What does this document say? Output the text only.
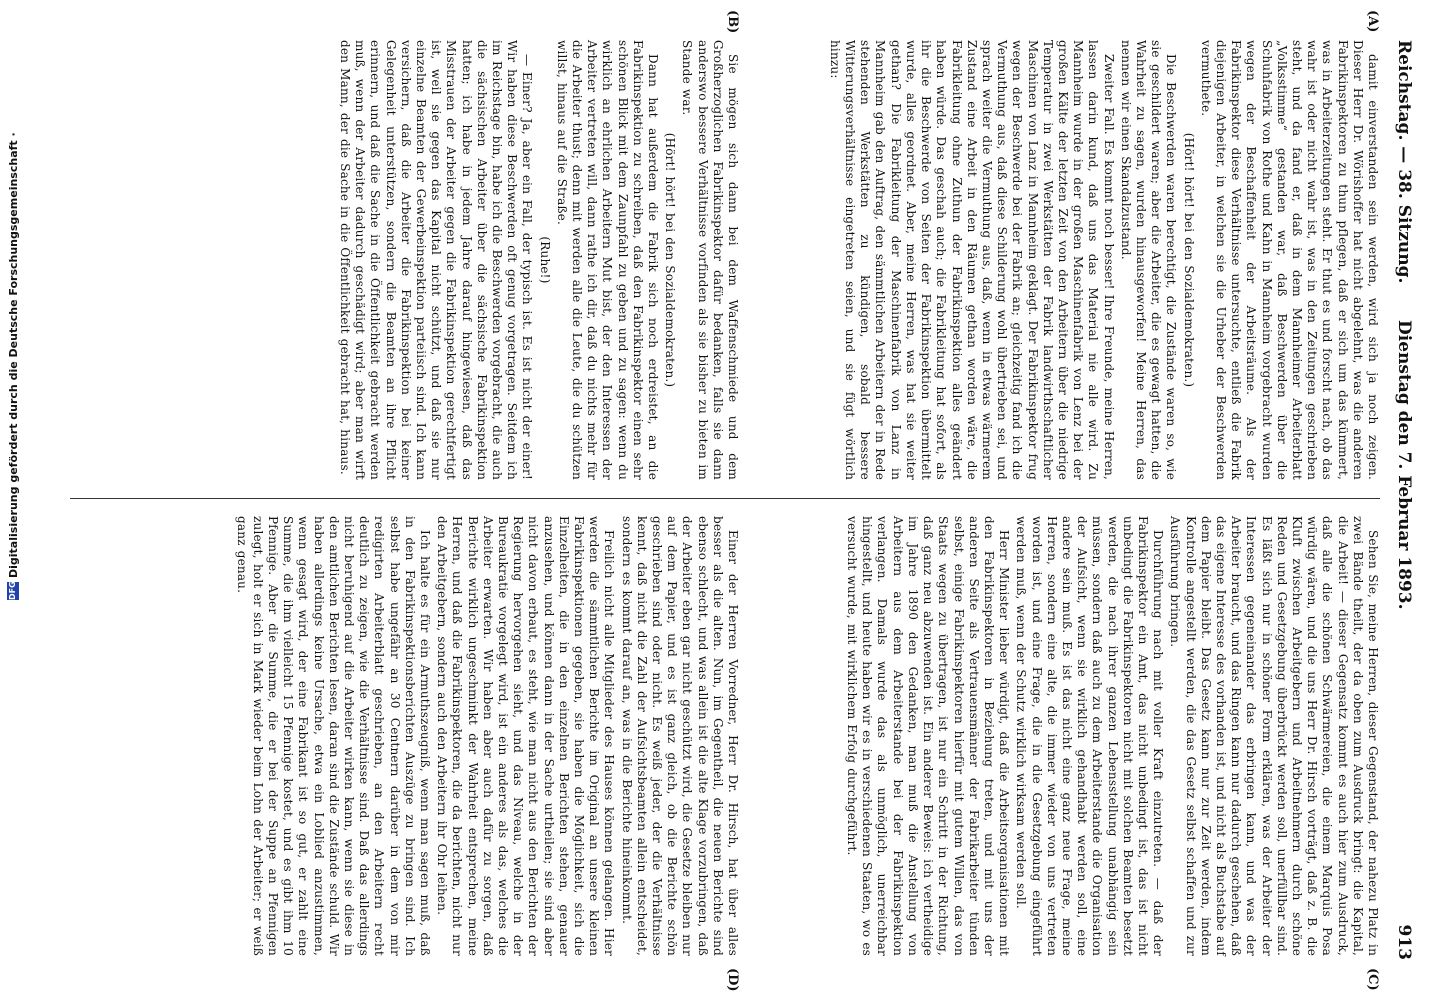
DFG
Digitalisierung gefördert durch die Deutsche Forschungsgemeinschaft ·	Reichstag. — 38. Sitzung.
Dienstag den 7. Februar 1893.
913
(A)
(B)
(C)
(D)

damit einverstanden sein werden, wird sich ja noch zeigen. Dieser Herr Dr. Wörishoffer hat nicht abgelehnt, was die anderen Fabrikinspektoren zu thun pflegen, daß er sich um das kümmert, was in Arbeiterzeitungen steht. Er thut es und forscht nach, ob das wahr ist oder nicht wahr ist, was in den Zeitungen geschrieben steht, und da fand er, daß in dem Mannheimer Arbeiterblatt „Volksstimme“ gestanden war, daß Beschwerden über die Schuhfabrik von Rothe und Kahn in Mannheim vorgebracht wurden wegen der Beschaffenheit der Arbeitsräume. Als der Fabrikinspektor diese Verhältnisse untersuchte, entließ die Fabrik diejenigen Arbeiter, in welchen sie die Urheber der Beschwerden vermuthete.

(Hört! hört! bei den Sozialdemokraten.)

Die Beschwerden waren berechtigt, die Zustände waren so, wie sie geschildert waren; aber die Arbeiter, die es gewagt hatten, die Wahrheit zu sagen, wurden hinausgeworfen! Meine Herren, das nennen wir einen Skandalzustand.

Zweiter Fall. Es kommt noch besser! Ihre Freunde, meine Herren, lassen darin kund, daß uns das Material nie alle wird. Zu Mannheim wurde in der großen Maschinenfabrik von Lenz bei der großen Kälte der letzten Zeit von den Arbeitern über die niedrige Temperatur in zwei Werkstätten der Fabrik landwirthschaftlicher Maschinen von Lanz in Mannheim geklagt. Der Fabrikinspektor frug wegen der Beschwerde bei der Fabrik an; gleichzeitig fand ich die Vermuthung aus, daß diese Schilderung wohl übertrieben sei, und sprach weiter die Vermuthung aus, daß, wenn in etwas wärmerem Zustand eine Arbeit in den Räumen gethan worden wäre, die Fabrikleitung ohne Zuthun der Fabrikinspektion alles geändert haben würde. Das geschah auch; die Fabrikleitung hat sofort, als ihr die Beschwerde von Seiten der Fabrikinspektion übermittelt wurde, alles geordnet. Aber, meine Herren, was hat sie weiter gethan? Die Fabrikleitung der Maschinenfabrik von Lanz in Mannheim gab den Auftrag, den sämmtlichen Arbeitern der in Rede stehenden Werkstätten zu kündigen, sobald bessere Witterungsverhältnisse eingetreten seien, und sie fügt wörtlich hinzu:

Sie mögen sich dann bei dem Waffenschmiede und dem Großherzoglichen Fabrikinspektor dafür bedanken, falls sie dann anderswo bessere Verhältnisse vorfinden als sie bisher zu bieten im Stande war.

(Hört! hört! bei den Sozialdemokraten.)

Dann hat außerdem die Fabrik sich noch erdreistet, an die Fabrikinspektion zu schreiben, daß den Fabrikinspektor einen sehr schönen Blick mit dem Zaunpfahl zu geben und zu sagen: wenn du wirklich an ehrlichen Arbeitern Mut bist, der den Interessen der Arbeiter vertreten will, dann rathe ich dir, daß du nichts mehr für die Arbeiter thust; denn mit werden alle die Leute, die du schützen willst, hinaus auf die Straße.

(Ruhe!)

— Einer? Ja, aber ein Fall, der typisch ist. Es ist nicht der einer! Wir haben diese Beschwerden oft genug vorgetragen. Seitdem ich im Reichstage bin, habe ich die Beschwerden vorgebracht, die auch die sächsischen Arbeiter über die sächsische Fabrikinspektion hatten; ich habe in jedem Jahre darauf hingewiesen, daß das Misstrauen der Arbeiter gegen die Fabrikinspektion gerechtfertigt ist, weil sie gegen das Kapital nicht schützt, und daß sie nur einzelne Beamten der Gewerbeinspektion parteiisch sind. Ich kann versichern, daß die Arbeiter die Fabrikinspektion bei keiner Gelegenheit unterstützen, sondern die Beamten an ihre Pflicht erinnern, und daß die Sache in die Öffentlichkeit gebracht werden muß, wenn der Arbeiter dadurch geschädigt wird; aber man wirft den Mann, der die Sache in die Öffentlichkeit gebracht hat, hinaus.

Sehen Sie, meine Herren, dieser Gegenstand, der nahezu Platz in zwei Bände theilt, der da oben zum Ausdruck bringt: die Kapital, die Arbeit! — dieser Gegensatz kommt es auch hier zum Ausdruck, daß alle die schönen Schwärmereien, die einem Marquis Posa würdig wären, und die uns Herr Dr. Hirsch vorträgt, daß z. B. die Kluft zwischen Arbeitgebern und Arbeitnehmern durch schöne Reden und Gesetzgebung überbrückt werden soll, unerfüllbar sind. Es läßt sich nur in schöner Form erklären, was der Arbeiter der Interessen gegeneinander das erbringen kann, und was der Arbeiter braucht, und das Ringen kann nur dadurch geschehen, daß das eigene Interesse des vorhanden ist, und nicht als Buchstabe auf dem Papier bleibt. Das Gesetz kann nur zur Zeit werden, indem Kontrolle angestellt werden, die das Gesetz selbst schaffen und zur Ausführung bringen.

Durchführung nach mit voller Kraft einzutreten. — daß der Fabrikinspektor ein Amt, das nicht unbedingt ist, das ist nicht unbedingt die Fabrikinspektoren nicht mit solchen Beamten besetzt werden, die nach ihrer ganzen Lebensstellung unabhängig sein müssen, sondern daß auch zu dem Arbeiterstande die Organisation der Aufsicht, wenn sie wirklich gehandhabt werden soll, eine andere sein muß. Es ist das nicht eine ganz neue Frage, meine Herren, sondern eine alte, die immer wieder von uns vertreten worden ist, und eine Frage, die in die Gesetzgebung eingeführt werden muß, wenn der Schutz wirklich wirksam werden soll.

Herr Minister lieber würdigt, daß die Arbeitsorganisationen mit den Fabrikinspektoren in Beziehung treten, und mit uns der anderen Seite als Vertrauensmänner der Fabrikarbeiter tünden selbst, einige Fabrikinspektoren hierfür mit gutem Willen, das von Staats wegen zu übertragen, ist nur ein Schritt in der Richtung, daß ganz neu abzuwenden ist. Ein anderer Beweis: ich vertheidige im Jahre 1890 den Gedanken, man muß die Anstellung von Arbeitern aus dem Arbeiterstande bei der Fabrikinspektion verlangen. Damals wurde das als unmöglich, unerreichbar hingestellt, und heute haben wir es in verschiedenen Staaten, wo es versucht wurde, mit wirklichem Erfolg durchgeführt.

Einer der Herren Vorredner, Herr Dr. Hirsch, hat über alles besser als die alten. Nun, im Gegentheil, die neuen Berichte sind ebenso schlecht, und was allein ist die alte Klage vorzubringen, daß der Arbeiter eben gar nicht geschützt wird, die Gesetze bleiben nur auf dem Papier, und es ist ganz gleich, ob die Berichte schön geschrieben sind oder nicht. Es weiß jeder, der die Verhältnisse kennt, daß nicht die Zahl der Aufsichtsbeamten allein entscheidet, sondern es kommt darauf an, was in die Berichte hineinkommt.

Freilich nicht alle Mitglieder des Hauses können gelangen. Hier werden die sämmtlichen Berichte im Original an unsere kleinen Fabrikinspektionen gegeben, sie haben die Möglichkeit, sich die Einzelheiten, die in den einzelnen Berichten stehen, genauer anzusehen, und können dann in der Sache urtheilen; sie sind aber nicht davon erbaut, es steht, wie man nicht aus den Berichten der Regierung hervorgehen sieht, und das Niveau, welche in der Bureaukratie vorgelegt wird, ist ein anderes als das, welches die Arbeiter erwarten. Wir haben aber auch dafür zu sorgen, daß Berichte wirklich ungeschminkt der Wahrheit entsprechen, meine Herren, und daß die Fabrikinspektoren, die da berichten, nicht nur den Arbeitgebern, sondern auch den Arbeitern ihr Ohr leihen.

Ich halte es für ein Armuthszeugniß, wenn man sagen muß, daß in den Fabrikinspektionsberichten Auszüge zu bringen sind. Ich selbst habe ungefähr an 30 Centnern darüber in dem von mir redigirten Arbeiterblatt geschrieben, an den Arbeitern recht deutlich zu zeigen, wie die Verhältnisse sind. Daß das allerdings nicht beruhigend auf die Arbeiter wirken kann, wenn sie diese in den amtlichen Berichten lesen, daran sind die Zustände schuld. Wir haben allerdings keine Ursache, etwa ein Loblied anzustimmen, wenn gesagt wird, der eine Fabrikant ist so gut, er zahlt eine Summe, die ihm vielleicht 15 Pfennige kostet, und es gibt ihm 10 Pfennige. Aber die Summe, die er bei der Suppe an Pfennigen zulegt, holt er sich in Mark wieder beim Lohn der Arbeiter; er weiß ganz genau.
